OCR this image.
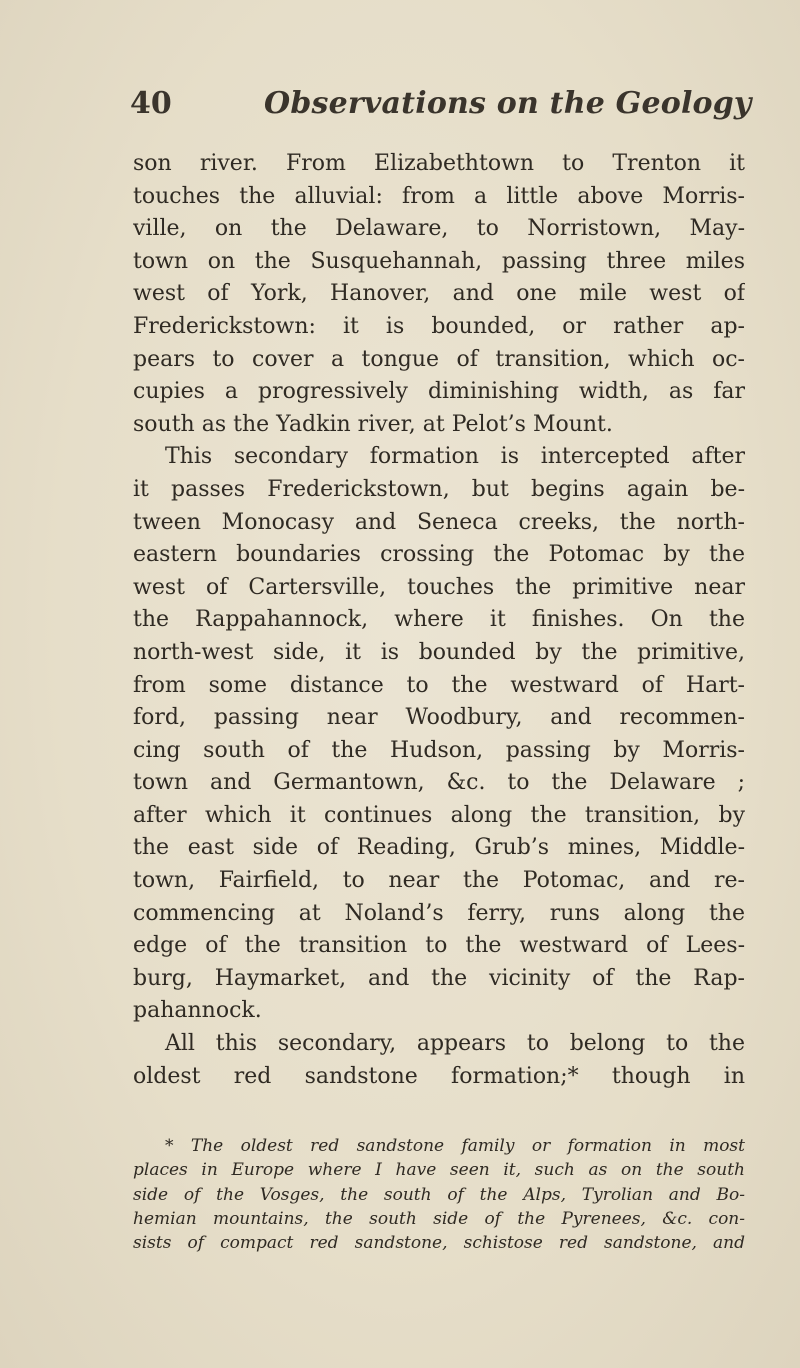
40	Observations on the Geology
son river. From Elizabethtown to Trenton it
touches the alluvial: from a little above Morris-
ville, on the Delaware, to Norristown, May-
town on the Susquehannah, passing three miles
west of York, Hanover, and one mile west of
Frederickstown: it is bounded, or rather ap-
pears to cover a tongue of transition, which oc-
cupies a progressively diminishing width, as far
south as the Yadkin river, at Pelot’s Mount.
This secondary formation is intercepted after
it passes Frederickstown, but begins again be-
tween Monocasy and Seneca creeks, the north-
eastern boundaries crossing the Potomac by the
west of Cartersville, touches the primitive near
the Rappahannock, where it finishes. On the
north-west side, it is bounded by the primitive,
from some distance to the westward of Hart-
ford, passing near Woodbury, and recommen-
cing south of the Hudson, passing by Morris-
town and Germantown, &c. to the Delaware ;
after which it continues along the transition, by
the east side of Reading, Grub’s mines, Middle-
town, Fairfield, to near the Potomac, and re-
commencing at Noland’s ferry, runs along the
edge of the transition to the westward of Lees-
burg, Haymarket, and the vicinity of the Rap-
pahannock.
All this secondary, appears to belong to the
oldest red sandstone formation;* though in
* The oldest red sandstone family or formation in most
places in Europe where I have seen it, such as on the south
side of the Vosges, the south of the Alps, Tyrolian and Bo-
hemian mountains, the south side of the Pyrenees, &c. con-
sists of compact red sandstone, schistose red sandstone, and
